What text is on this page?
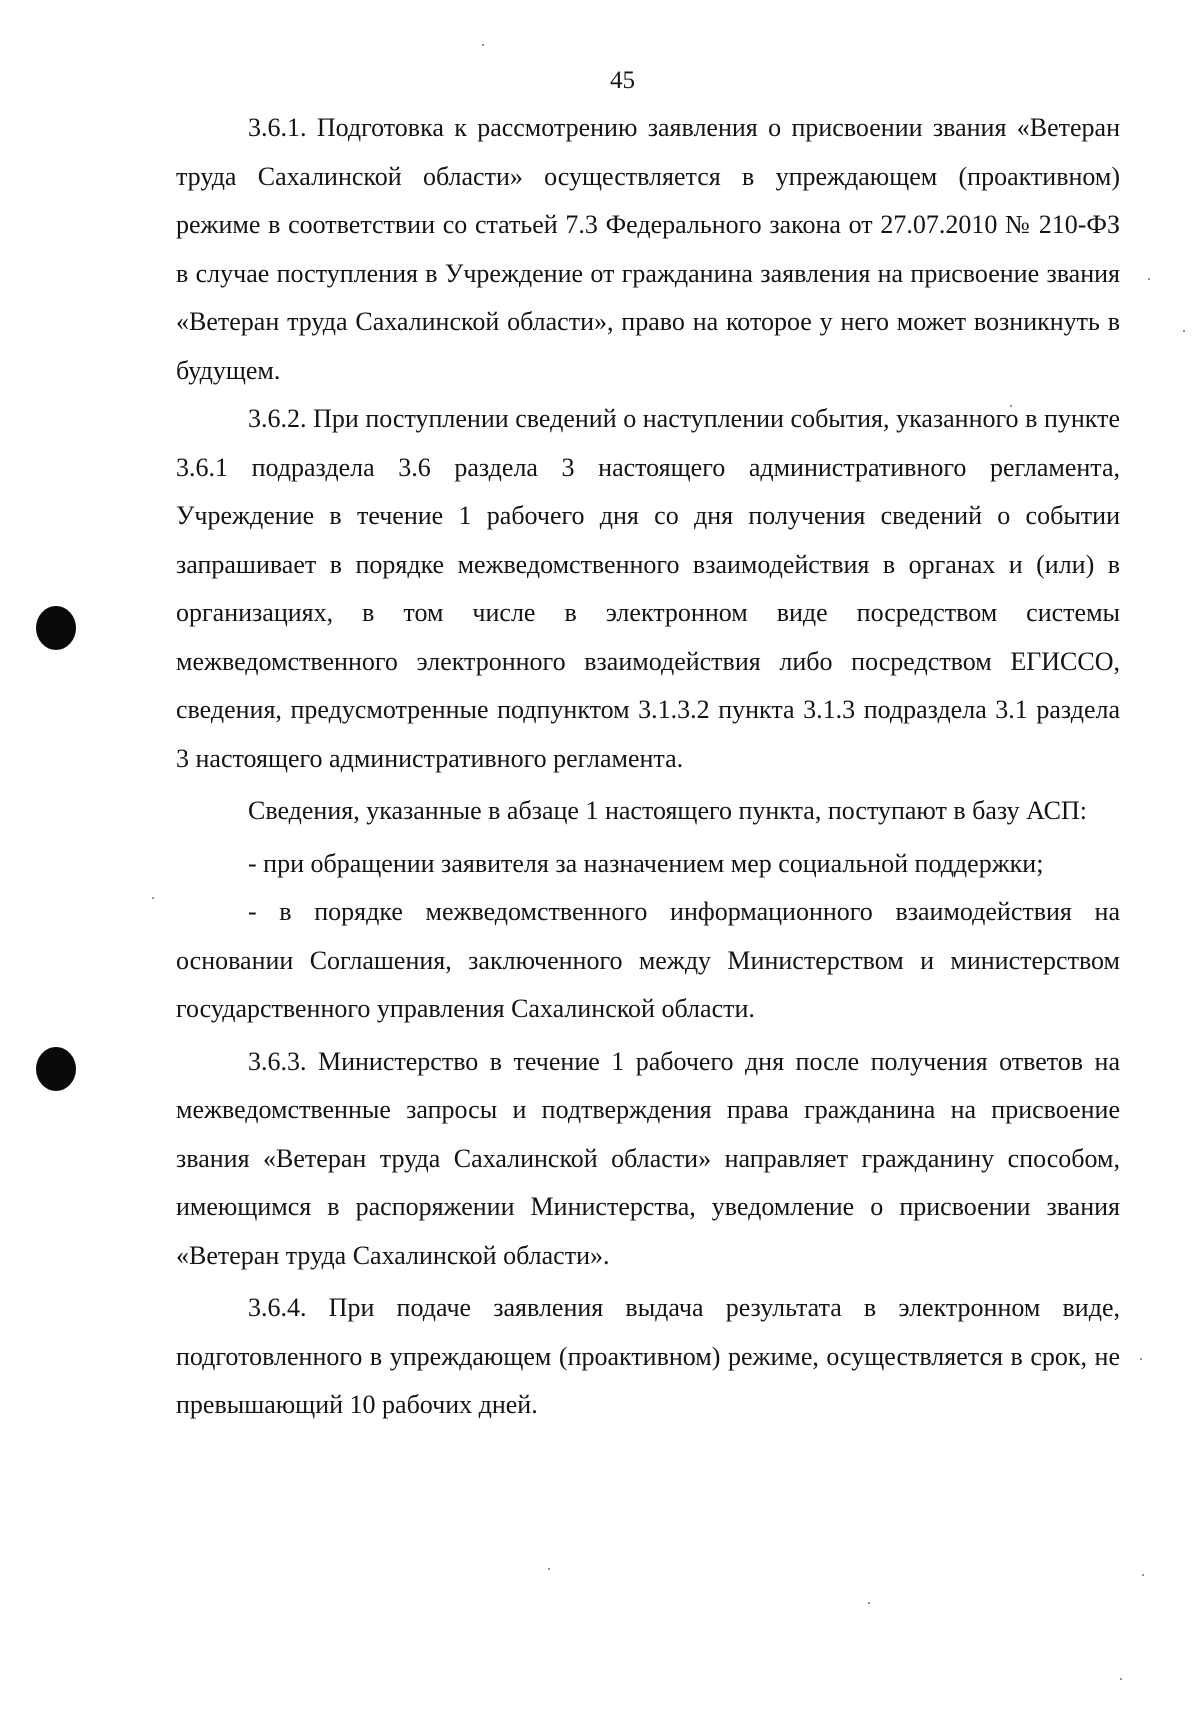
45

3.6.1. Подготовка к рассмотрению заявления о присвоении звания «Ветеран труда Сахалинской области» осуществляется в упреждающем (проактивном) режиме в соответствии со статьей 7.3 Федерального закона от 27.07.2010 № 210-ФЗ в случае поступления в Учреждение от гражданина заявления на присвоение звания «Ветеран труда Сахалинской области», право на которое у него может возникнуть в будущем.

3.6.2. При поступлении сведений о наступлении события, указанного в пункте 3.6.1 подраздела 3.6 раздела 3 настоящего административного регламента, Учреждение в течение 1 рабочего дня со дня получения сведений о событии запрашивает в порядке межведомственного взаимодействия в органах и (или) в организациях, в том числе в электронном виде посредством системы межведомственного электронного взаимодействия либо посредством ЕГИССО, сведения, предусмотренные подпунктом 3.1.3.2 пункта 3.1.3 подраздела 3.1 раздела 3 настоящего административного регламента.

Сведения, указанные в абзаце 1 настоящего пункта, поступают в базу АСП:

- при обращении заявителя за назначением мер социальной поддержки;

- в порядке межведомственного информационного взаимодействия на основании Соглашения, заключенного между Министерством и министерством государственного управления Сахалинской области.

3.6.3. Министерство в течение 1 рабочего дня после получения ответов на межведомственные запросы и подтверждения права гражданина на присвоение звания «Ветеран труда Сахалинской области» направляет гражданину способом, имеющимся в распоряжении Министерства, уведомление о присвоении звания «Ветеран труда Сахалинской области».

3.6.4. При подаче заявления выдача результата в электронном виде, подготовленного в упреждающем (проактивном) режиме, осуществляется в срок, не превышающий 10 рабочих дней.
